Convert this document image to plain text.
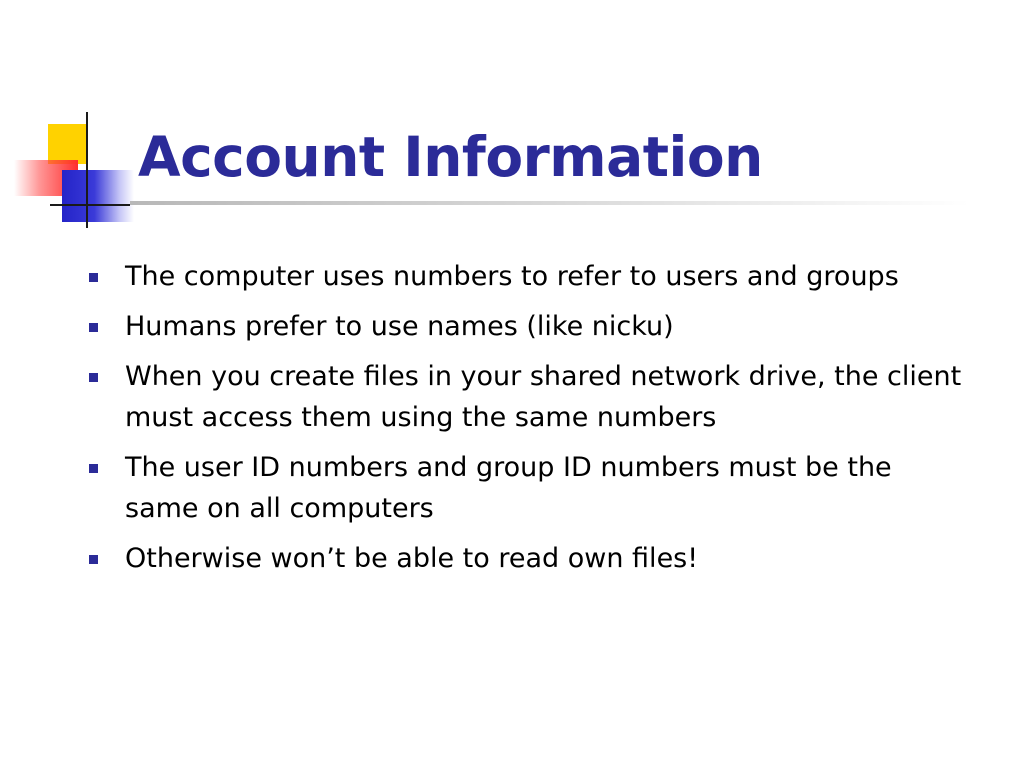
Account Information
The computer uses numbers to refer to users and groups
Humans prefer to use names (like nicku)
When you create files in your shared network drive, the client must access them using the same numbers
The user ID numbers and group ID numbers must be the same on all computers
Otherwise won’t be able to read own files!
